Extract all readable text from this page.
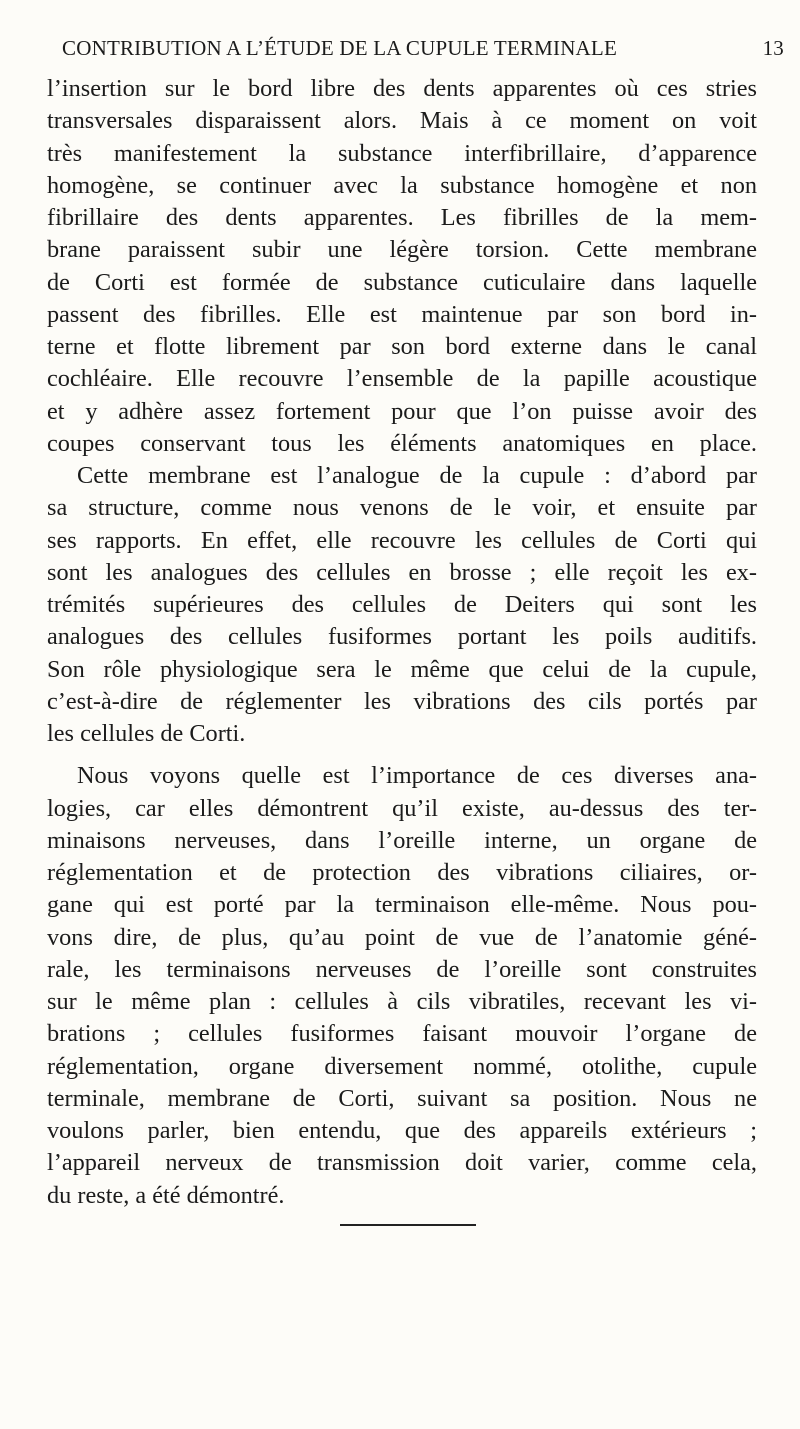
CONTRIBUTION A L’ÉTUDE DE LA CUPULE TERMINALE	13
l’insertion sur le bord libre des dents apparentes où ces stries
transversales disparaissent alors. Mais à ce moment on voit
très manifestement la substance interfibrillaire, d’apparence
homogène, se continuer avec la substance homogène et non
fibrillaire des dents apparentes. Les fibrilles de la mem-
brane paraissent subir une légère torsion. Cette membrane
de Corti est formée de substance cuticulaire dans laquelle
passent des fibrilles. Elle est maintenue par son bord in-
terne et flotte librement par son bord externe dans le canal
cochléaire. Elle recouvre l’ensemble de la papille acoustique
et y adhère assez fortement pour que l’on puisse avoir des
coupes conservant tous les éléments anatomiques en place.
Cette membrane est l’analogue de la cupule : d’abord par
sa structure, comme nous venons de le voir, et ensuite par
ses rapports. En effet, elle recouvre les cellules de Corti qui
sont les analogues des cellules en brosse ; elle reçoit les ex-
trémités supérieures des cellules de Deiters qui sont les
analogues des cellules fusiformes portant les poils auditifs.
Son rôle physiologique sera le même que celui de la cupule,
c’est-à-dire de réglementer les vibrations des cils portés par
les cellules de Corti.
Nous voyons quelle est l’importance de ces diverses ana-
logies, car elles démontrent qu’il existe, au-dessus des ter-
minaisons nerveuses, dans l’oreille interne, un organe de
réglementation et de protection des vibrations ciliaires, or-
gane qui est porté par la terminaison elle-même. Nous pou-
vons dire, de plus, qu’au point de vue de l’anatomie géné-
rale, les terminaisons nerveuses de l’oreille sont construites
sur le même plan : cellules à cils vibratiles, recevant les vi-
brations ; cellules fusiformes faisant mouvoir l’organe de
réglementation, organe diversement nommé, otolithe, cupule
terminale, membrane de Corti, suivant sa position. Nous ne
voulons parler, bien entendu, que des appareils extérieurs ;
l’appareil nerveux de transmission doit varier, comme cela,
du reste, a été démontré.
